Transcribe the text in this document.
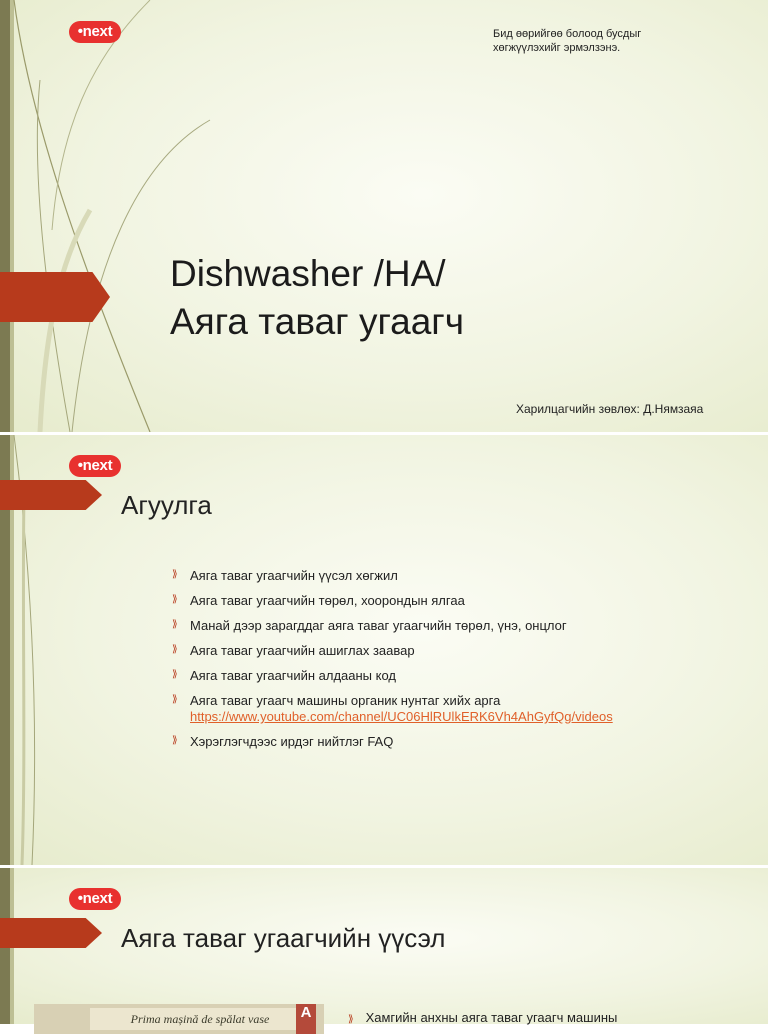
•next	Бид өөрийгөө болоод бусдыг хөгжүүлэхийг эрмэлзэнэ.
Dishwasher /HA/
Аяга таваг угаагч
Харилцагчийн зөвлөх: Д.Нямзаяа
•next
Агуулга
⟫ Аяга таваг угаагчийн үүсэл хөгжил
⟫ Аяга таваг угаагчийн төрөл, хоорондын ялгаа
⟫ Манай дээр зарагддаг аяга таваг угаагчийн төрөл, үнэ, онцлог
⟫ Аяга таваг угаагчийн ашиглах заавар
⟫ Аяга таваг угаагчийн алдааны код
⟫ Аяга таваг угаагч машины органик нунтаг хийх арга https://www.youtube.com/channel/UC06HlRUlkERK6Vh4AhGyfQg/videos
⟫ Хэрэглэгчдээс ирдэг нийтлэг FAQ
•next
Аяга таваг угаагчийн үүсэл
Prima mașină de spălat vase	A	⟫ Хамгийн анхны аяга таваг угаагч машины
